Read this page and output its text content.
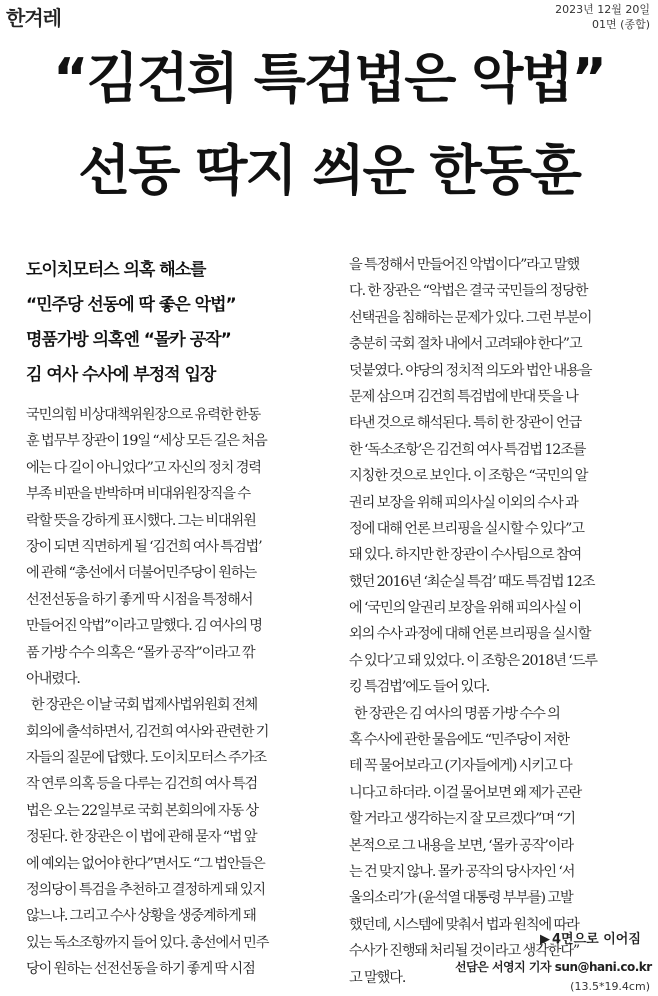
한겨레	2023년 12월 20일
01면 (종합)
“김건희 특검법은 악법”
선동 딱지 씌운 한동훈
도이치모터스 의혹 해소를
“민주당 선동에 딱 좋은 악법”
명품가방 의혹엔 “몰카 공작”
김 여사 수사에 부정적 입장
국민의힘 비상대책위원장으로 유력한 한동
훈 법무부 장관이 19일 “세상 모든 길은 처음
에는 다 길이 아니었다”고 자신의 정치 경력
부족 비판을 반박하며 비대위원장직을 수
락할 뜻을 강하게 표시했다. 그는 비대위원
장이 되면 직면하게 될 ‘김건희 여사 특검법’
에 관해 “총선에서 더불어민주당이 원하는
선전선동을 하기 좋게 딱 시점을 특정해서
만들어진 악법”이라고 말했다. 김 여사의 명
품 가방 수수 의혹은 “몰카 공작”이라고 깎
아내렸다.
한 장관은 이날 국회 법제사법위원회 전체
회의에 출석하면서, 김건희 여사와 관련한 기
자들의 질문에 답했다. 도이치모터스 주가조
작 연루 의혹 등을 다루는 김건희 여사 특검
법은 오는 22일부로 국회 본회의에 자동 상
정된다. 한 장관은 이 법에 관해 묻자 “법 앞
에 예외는 없어야 한다”면서도 “그 법안들은
정의당이 특검을 추천하고 결정하게 돼 있지
않느냐. 그리고 수사 상황을 생중계하게 돼
있는 독소조항까지 들어 있다. 총선에서 민주
당이 원하는 선전선동을 하기 좋게 딱 시점
을 특정해서 만들어진 악법이다”라고 말했
다. 한 장관은 “악법은 결국 국민들의 정당한
선택권을 침해하는 문제가 있다. 그런 부분이
충분히 국회 절차 내에서 고려돼야 한다”고
덧붙였다. 야당의 정치적 의도와 법안 내용을
문제 삼으며 김건희 특검법에 반대 뜻을 나
타낸 것으로 해석된다. 특히 한 장관이 언급
한 ‘독소조항’은 김건희 여사 특검법 12조를
지칭한 것으로 보인다. 이 조항은 “국민의 알
권리 보장을 위해 피의사실 이외의 수사 과
정에 대해 언론 브리핑을 실시할 수 있다”고
돼 있다. 하지만 한 장관이 수사팀으로 참여
했던 2016년 ‘최순실 특검’ 때도 특검법 12조
에 ‘국민의 알권리 보장을 위해 피의사실 이
외의 수사 과정에 대해 언론 브리핑을 실시할
수 있다’고 돼 있었다. 이 조항은 2018년 ‘드루
킹 특검법’에도 들어 있다.
한 장관은 김 여사의 명품 가방 수수 의
혹 수사에 관한 물음에도 “민주당이 저한
테 꼭 물어보라고 (기자들에게) 시키고 다
니다고 하더라. 이걸 물어보면 왜 제가 곤란
할 거라고 생각하는지 잘 모르겠다”며 “기
본적으로 그 내용을 보면, ‘몰카 공작’이라
는 건 맞지 않나. 몰카 공작의 당사자인 ‘서
울의소리’가 (윤석열 대통령 부부를) 고발
했던데, 시스템에 맞춰서 법과 원칙에 따라
수사가 진행돼 처리될 것이라고 생각한다”
고 말했다.
▶ 4면으로 이어짐
선담은 서영지 기자 sun@hani.co.kr
(13.5*19.4cm)
